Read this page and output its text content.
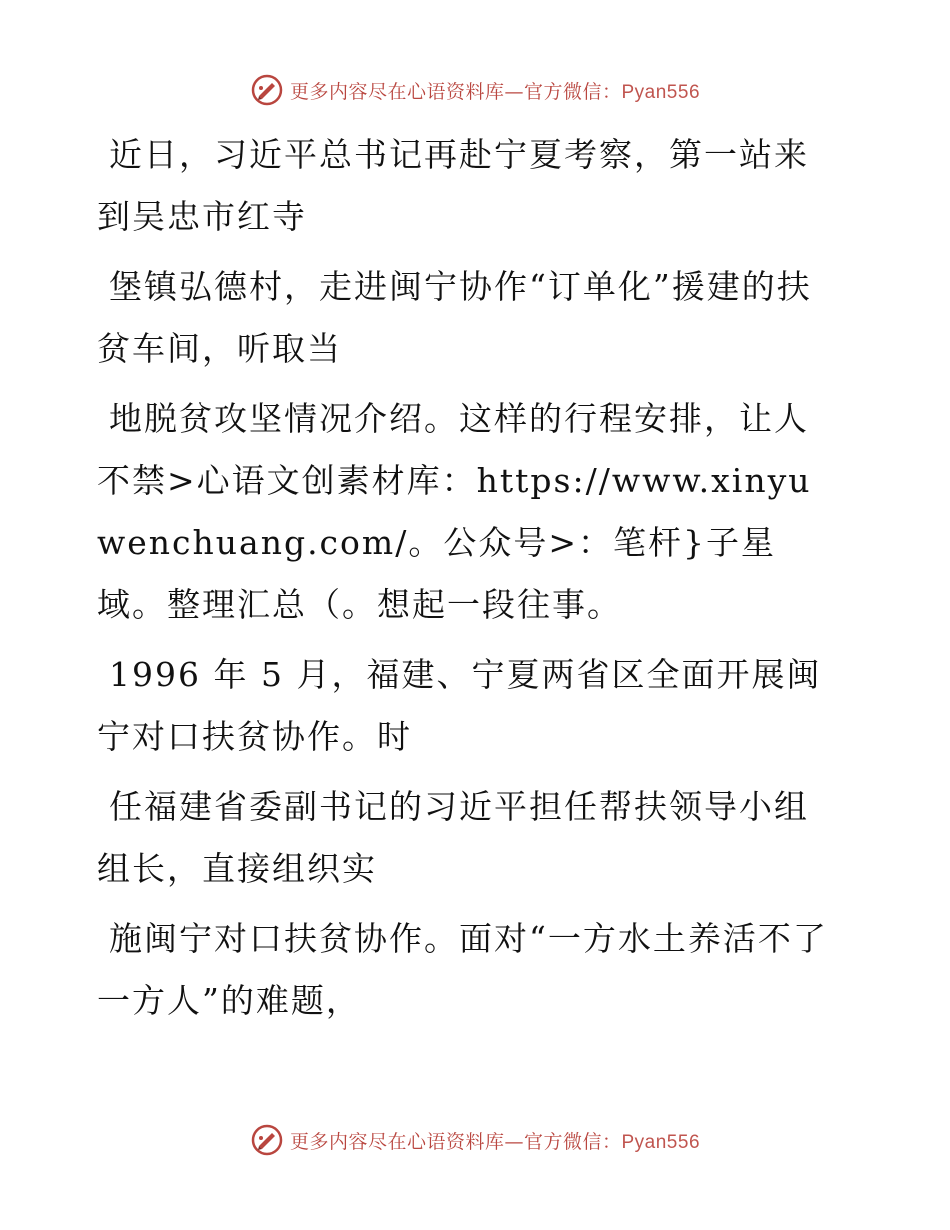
更多内容尽在心语资料库—官方微信：Pyan556

近日，习近平总书记再赴宁夏考察，第一站来到吴忠市红寺

堡镇弘德村，走进闽宁协作“订单化”援建的扶贫车间，听取当

地脱贫攻坚情况介绍。这样的行程安排，让人不禁>心语文创素材库：https://www.xinyuwenchuang.com/。公众号>：笔杆}子星域。整理汇总（。想起一段往事。

1996 年 5 月，福建、宁夏两省区全面开展闽宁对口扶贫协作。时

任福建省委副书记的习近平担任帮扶领导小组组长，直接组织实

施闽宁对口扶贫协作。面对“一方水土养活不了一方人”的难题，

更多内容尽在心语资料库—官方微信：Pyan556
